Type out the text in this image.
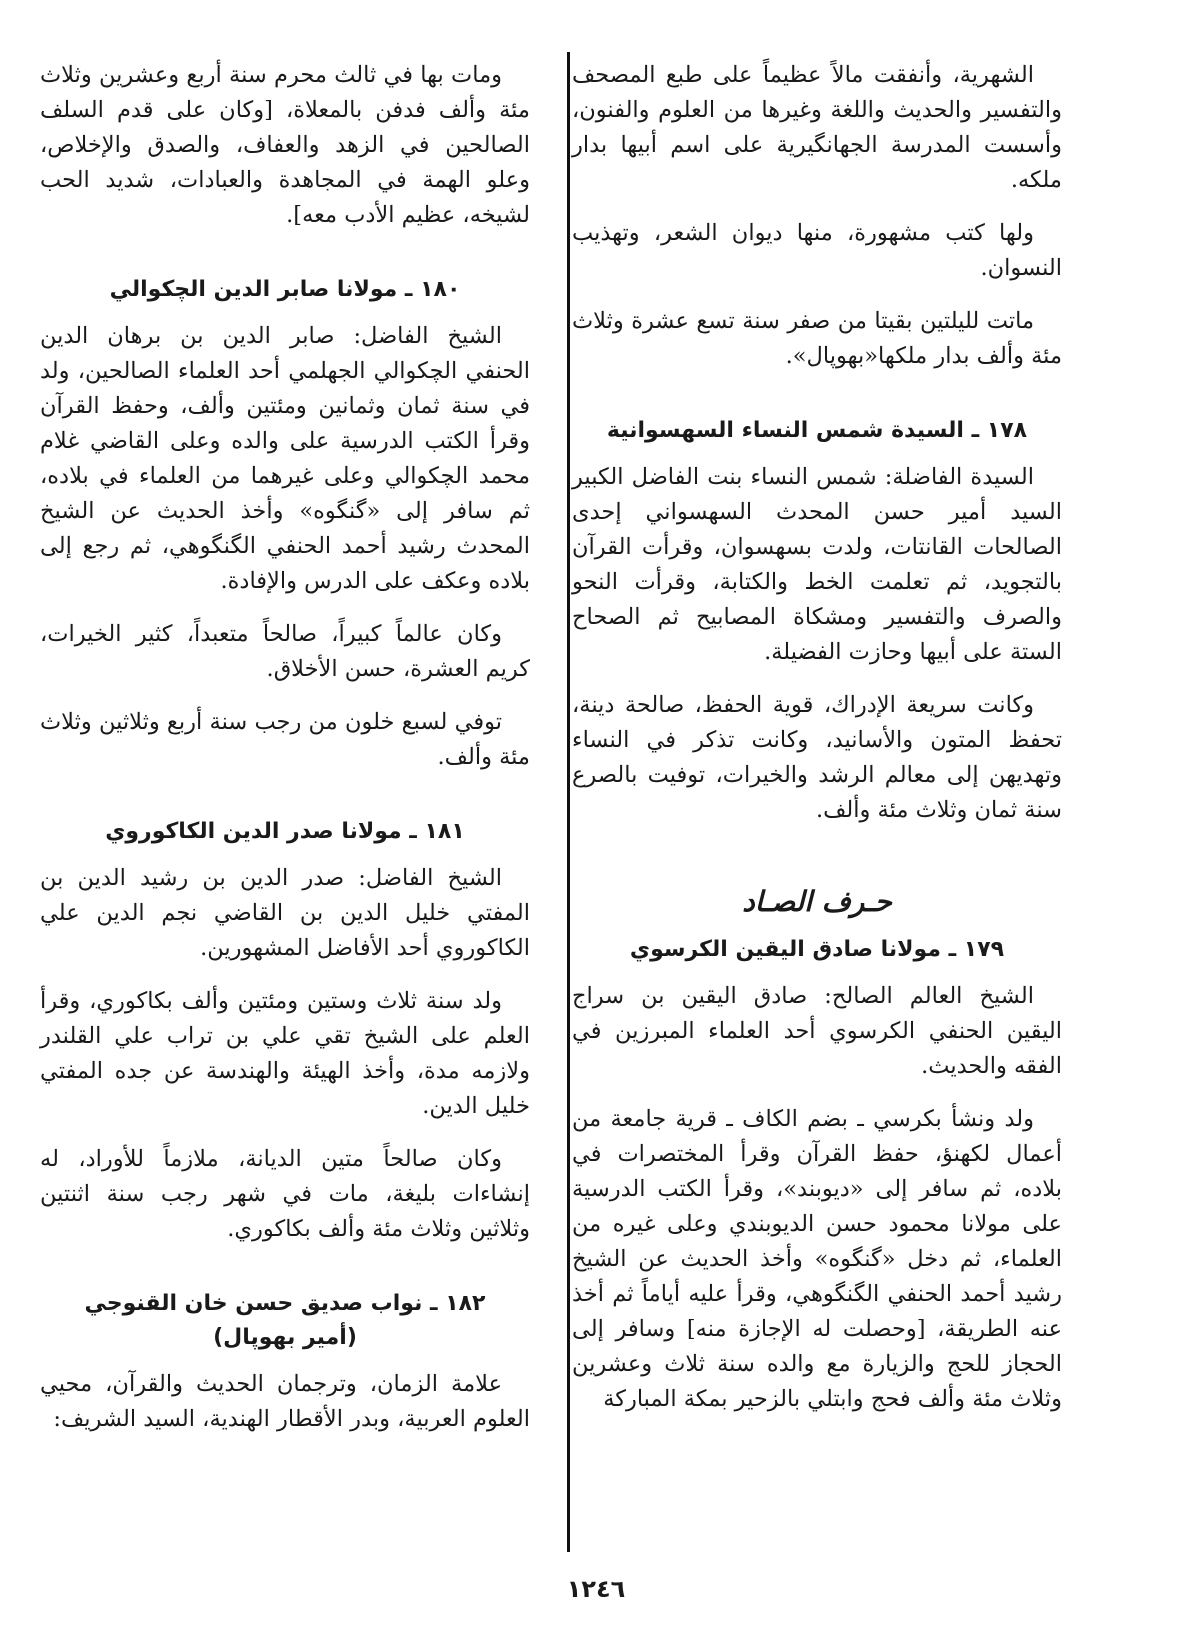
الشهرية، وأنفقت مالاً عظيماً على طبع المصحف والتفسير والحديث واللغة وغيرها من العلوم والفنون، وأسست المدرسة الجهانگيرية على اسم أبيها بدار ملكه.

ولها كتب مشهورة، منها ديوان الشعر، وتهذيب النسوان.

ماتت لليلتين بقيتا من صفر سنة تسع عشرة وثلاث مئة وألف بدار ملكها«بهوپال».

١٧٨ ـ السيدة شمس النساء السهسوانية

السيدة الفاضلة: شمس النساء بنت الفاضل الكبير السيد أمير حسن المحدث السهسواني إحدى الصالحات القانتات، ولدت بسهسوان، وقرأت القرآن بالتجويد، ثم تعلمت الخط والكتابة، وقرأت النحو والصرف والتفسير ومشكاة المصابيح ثم الصحاح الستة على أبيها وحازت الفضيلة.

وكانت سريعة الإدراك، قوية الحفظ، صالحة دينة، تحفظ المتون والأسانيد، وكانت تذكر في النساء وتهديهن إلى معالم الرشد والخيرات، توفيت بالصرع سنة ثمان وثلاث مئة وألف.

حـرف الصـاد
١٧٩ ـ مولانا صادق اليقين الكرسوي

الشيخ العالم الصالح: صادق اليقين بن سراج اليقين الحنفي الكرسوي أحد العلماء المبرزين في الفقه والحديث.

ولد ونشأ بكرسي ـ بضم الكاف ـ قرية جامعة من أعمال لكهنؤ، حفظ القرآن وقرأ المختصرات في بلاده، ثم سافر إلى «ديوبند»، وقرأ الكتب الدرسية على مولانا محمود حسن الديوبندي وعلى غيره من العلماء، ثم دخل «گنگوه» وأخذ الحديث عن الشيخ رشيد أحمد الحنفي الگنگوهي، وقرأ عليه أياماً ثم أخذ عنه الطريقة، [وحصلت له الإجازة منه] وسافر إلى الحجاز للحج والزيارة مع والده سنة ثلاث وعشرين وثلاث مئة وألف فحج وابتلي بالزحير بمكة المباركة

ومات بها في ثالث محرم سنة أربع وعشرين وثلاث مئة وألف فدفن بالمعلاة، [وكان على قدم السلف الصالحين في الزهد والعفاف، والصدق والإخلاص، وعلو الهمة في المجاهدة والعبادات، شديد الحب لشيخه، عظيم الأدب معه].

١٨٠ ـ مولانا صابر الدين الچكوالي

الشيخ الفاضل: صابر الدين بن برهان الدين الحنفي الچكوالي الجهلمي أحد العلماء الصالحين، ولد في سنة ثمان وثمانين ومئتين وألف، وحفظ القرآن وقرأ الكتب الدرسية على والده وعلى القاضي غلام محمد الچكوالي وعلى غيرهما من العلماء في بلاده، ثم سافر إلى «گنگوه» وأخذ الحديث عن الشيخ المحدث رشيد أحمد الحنفي الگنگوهي، ثم رجع إلى بلاده وعكف على الدرس والإفادة.

وكان عالماً كبيراً، صالحاً متعبداً، كثير الخيرات، كريم العشرة، حسن الأخلاق.

توفي لسبع خلون من رجب سنة أربع وثلاثين وثلاث مئة وألف.

١٨١ ـ مولانا صدر الدين الكاكوروي

الشيخ الفاضل: صدر الدين بن رشيد الدين بن المفتي خليل الدين بن القاضي نجم الدين علي الكاكوروي أحد الأفاضل المشهورين.

ولد سنة ثلاث وستين ومئتين وألف بكاكوري، وقرأ العلم على الشيخ تقي علي بن تراب علي القلندر ولازمه مدة، وأخذ الهيئة والهندسة عن جده المفتي خليل الدين.

وكان صالحاً متين الديانة، ملازماً للأوراد، له إنشاءات بليغة، مات في شهر رجب سنة اثنتين وثلاثين وثلاث مئة وألف بكاكوري.

١٨٢ ـ نواب صديق حسن خان القنوجي
(أمير بهوپال)

علامة الزمان، وترجمان الحديث والقرآن، محيي العلوم العربية، وبدر الأقطار الهندية، السيد الشريف:

١٢٤٦
